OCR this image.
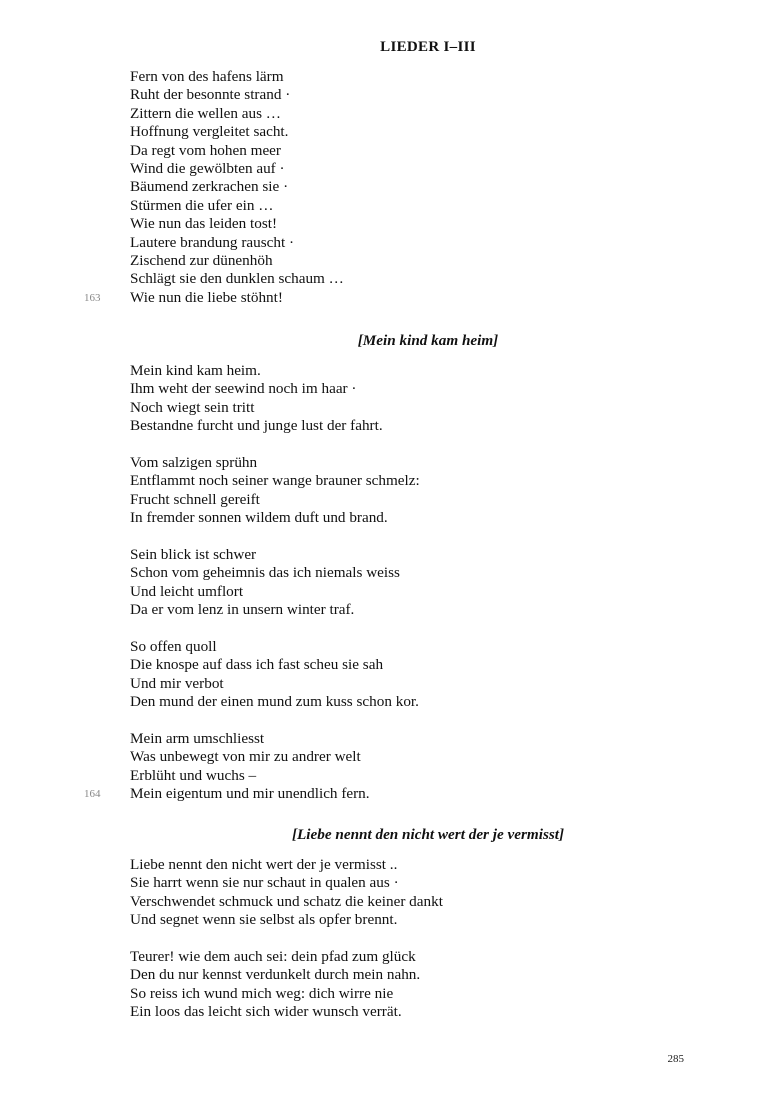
LIEDER I–III
Fern von des hafens lärm
Ruht der besonnte strand ·
Zittern die wellen aus …
Hoffnung vergleitet sacht.
Da regt vom hohen meer
Wind die gewölbten auf ·
Bäumend zerkrachen sie ·
Stürmen die ufer ein …
Wie nun das leiden tost!
Lautere brandung rauscht ·
Zischend zur dünenhöh
Schlägt sie den dunklen schaum …
Wie nun die liebe stöhnt!
163
[Mein kind kam heim]
Mein kind kam heim.
Ihm weht der seewind noch im haar ·
Noch wiegt sein tritt
Bestandne furcht und junge lust der fahrt.
Vom salzigen sprühn
Entflammt noch seiner wange brauner schmelz:
Frucht schnell gereift
In fremder sonnen wildem duft und brand.
Sein blick ist schwer
Schon vom geheimnis das ich niemals weiss
Und leicht umflort
Da er vom lenz in unsern winter traf.
So offen quoll
Die knospe auf dass ich fast scheu sie sah
Und mir verbot
Den mund der einen mund zum kuss schon kor.
Mein arm umschliesst
Was unbewegt von mir zu andrer welt
Erblüht und wuchs –
Mein eigentum und mir unendlich fern.
164
[Liebe nennt den nicht wert der je vermisst]
Liebe nennt den nicht wert der je vermisst ..
Sie harrt wenn sie nur schaut in qualen aus ·
Verschwendet schmuck und schatz die keiner dankt
Und segnet wenn sie selbst als opfer brennt.
Teurer! wie dem auch sei: dein pfad zum glück
Den du nur kennst verdunkelt durch mein nahn.
So reiss ich wund mich weg: dich wirre nie
Ein loos das leicht sich wider wunsch verrät.
285
